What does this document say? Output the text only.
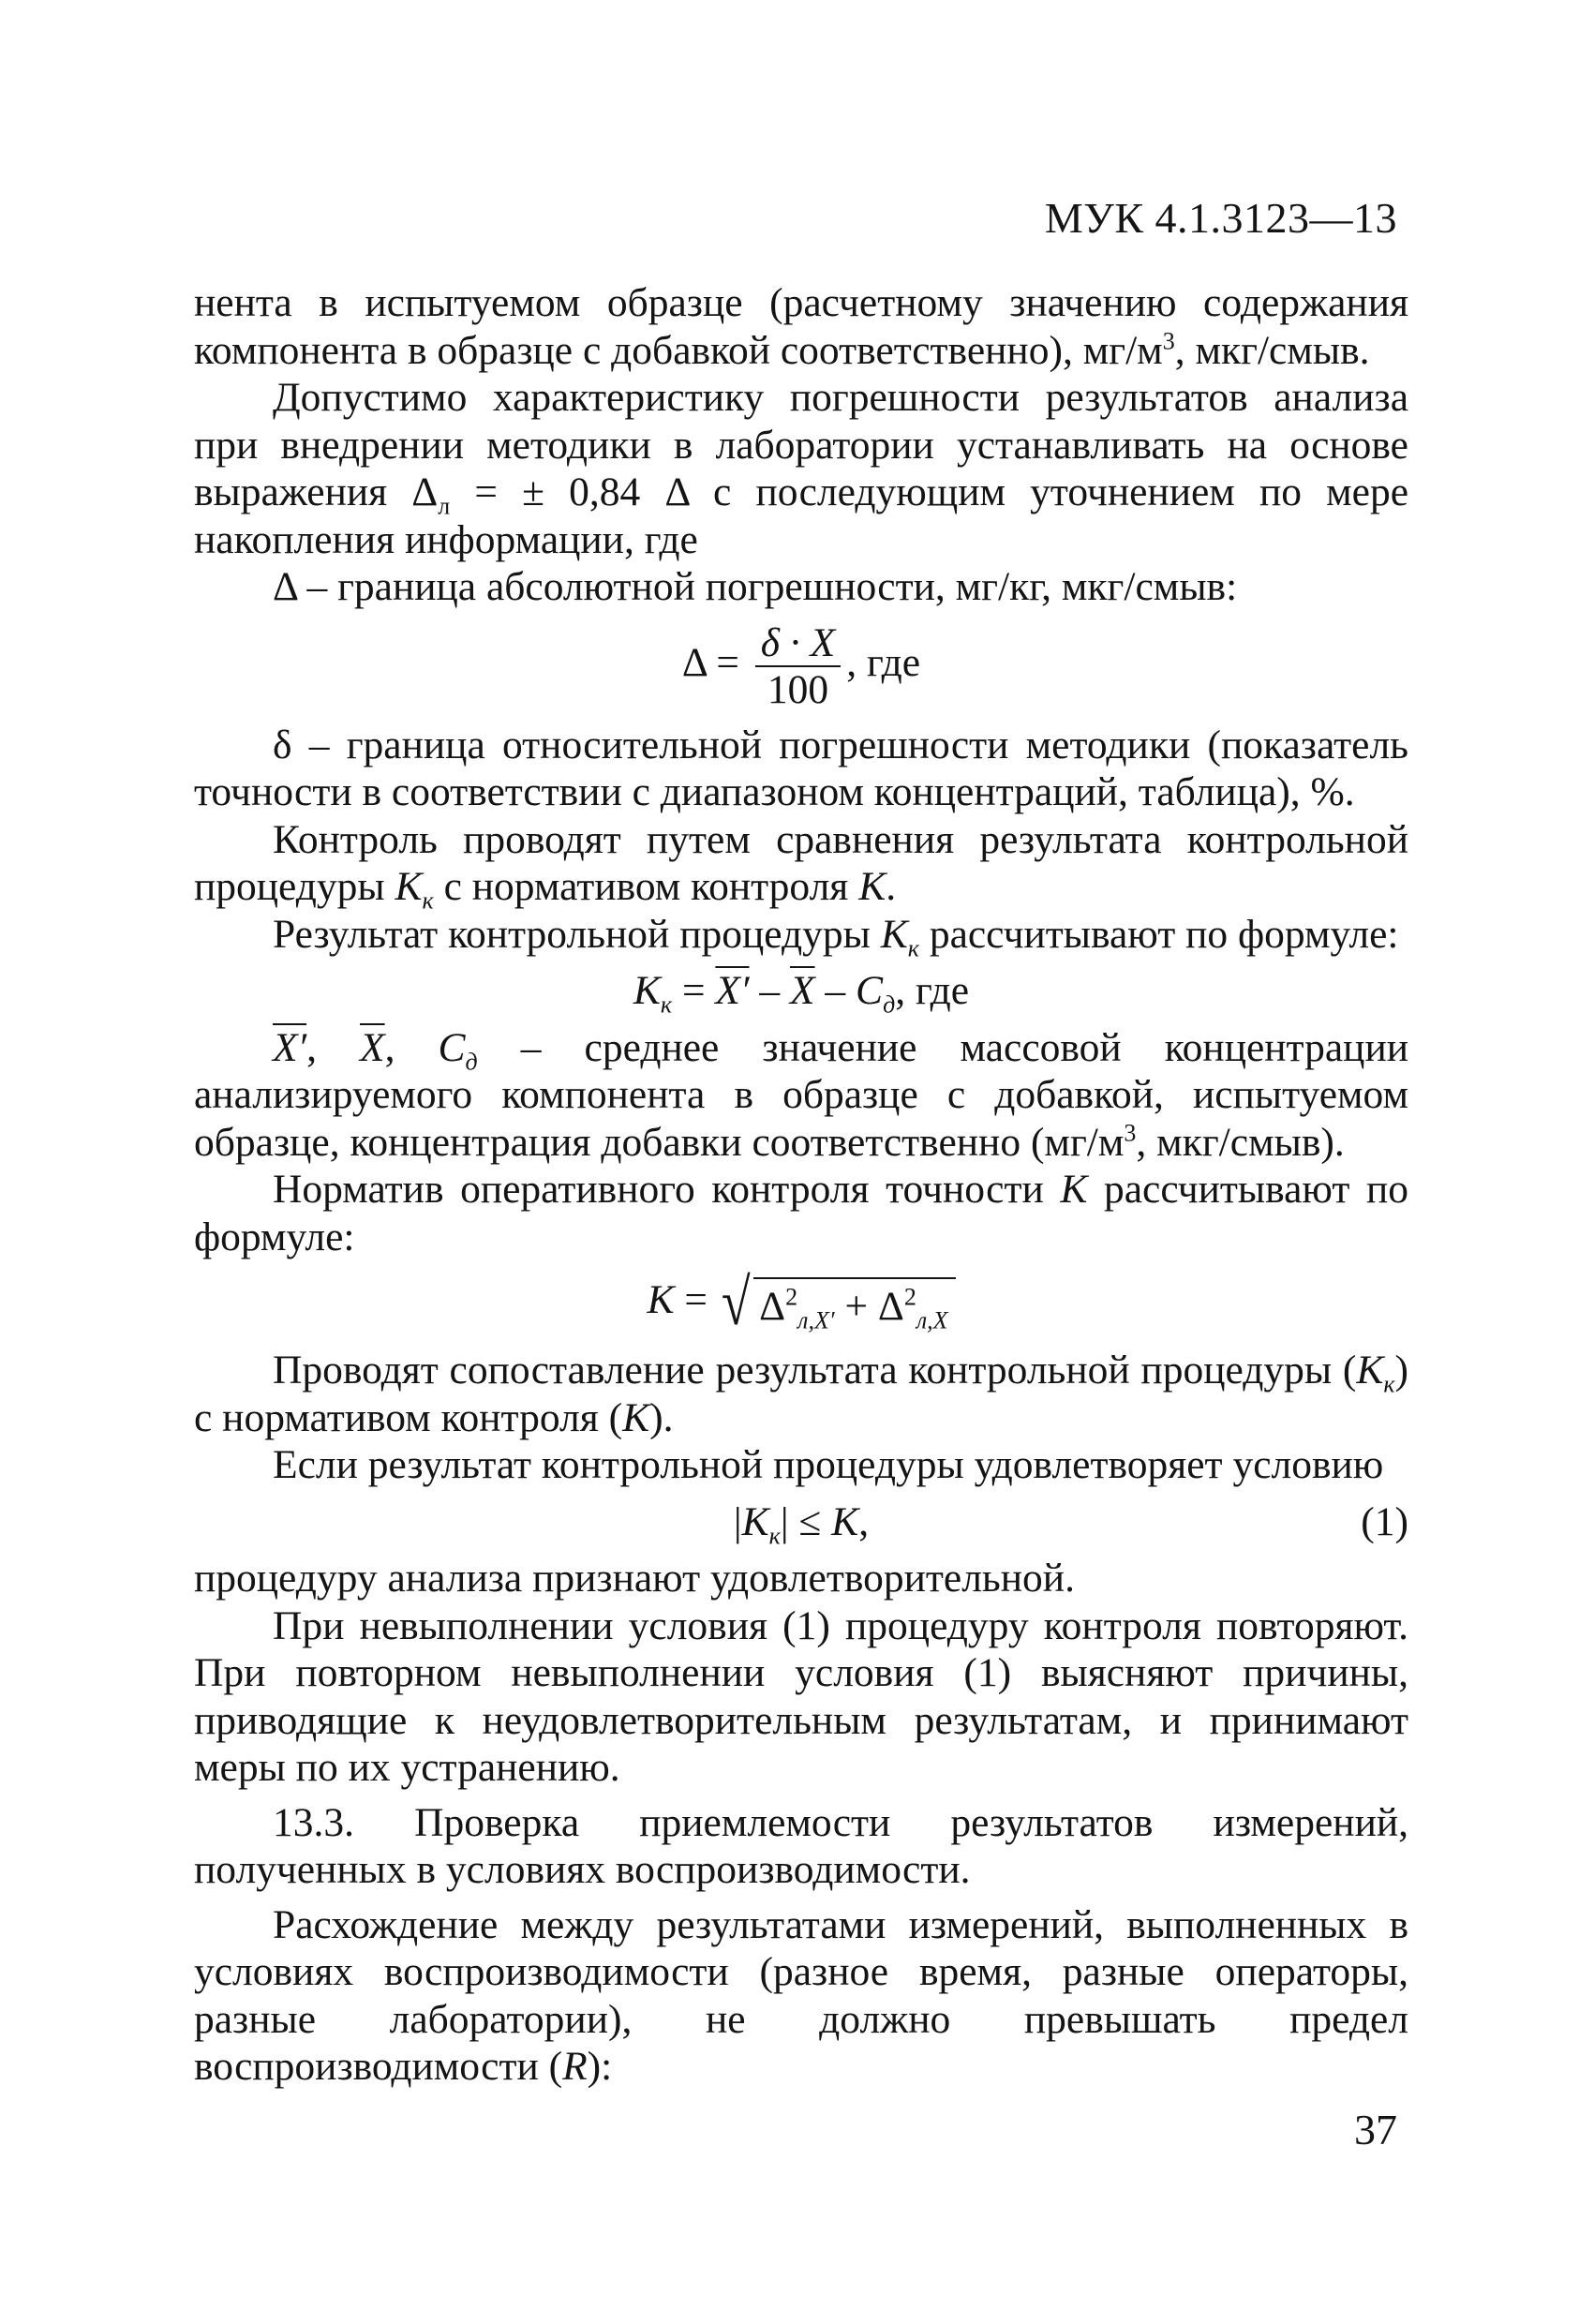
МУК 4.1.3123—13

нента в испытуемом образце (расчетному значению содержания компонента в образце с добавкой соответственно), $мг/м^3$, мкг/смыв.

Допустимо характеристику погрешности результатов анализа при внедрении методики в лаборатории устанавливать на основе выражения $\Delta_л$ = ± 0,84 Δ с последующим уточнением по мере накопления информации, где

Δ – граница абсолютной погрешности, мг/кг, мкг/смыв:

$\Delta = \frac{\delta \cdot X}{100}$ , где

δ – граница относительной погрешности методики (показатель точности в соответствии с диапазоном концентраций, таблица), %.

Контроль проводят путем сравнения результата контрольной процедуры $K_к$ с нормативом контроля K.

Результат контрольной процедуры $K_к$ рассчитывают по формуле:

$K_к = X' - \overline{X} - C_д$, где

X′, $\overline{X}$, $C_д$ – среднее значение массовой концентрации анализируемого компонента в образце с добавкой, испытуемом образце, концентрация добавки соответственно ($мг/м^3$, мкг/смыв).

Норматив оперативного контроля точности K рассчитывают по формуле:

K = √ $\Delta^2_{л,X'} + \Delta^2_{л,X}$

Проводят сопоставление результата контрольной процедуры $(K_к)$ с нормативом контроля (K).

Если результат контрольной процедуры удовлетворяет условию

$|K_к| \le K$,	(1)

процедуру анализа признают удовлетворительной.

При невыполнении условия (1) процедуру контроля повторяют. При повторном невыполнении условия (1) выясняют причины, приводящие к неудовлетворительным результатам, и принимают меры по их устранению.

13.3. Проверка приемлемости результатов измерений, полученных в условиях воспроизводимости.

Расхождение между результатами измерений, выполненных в условиях воспроизводимости (разное время, разные операторы, разные лаборатории), не должно превышать предел воспроизводимости (R):

37
